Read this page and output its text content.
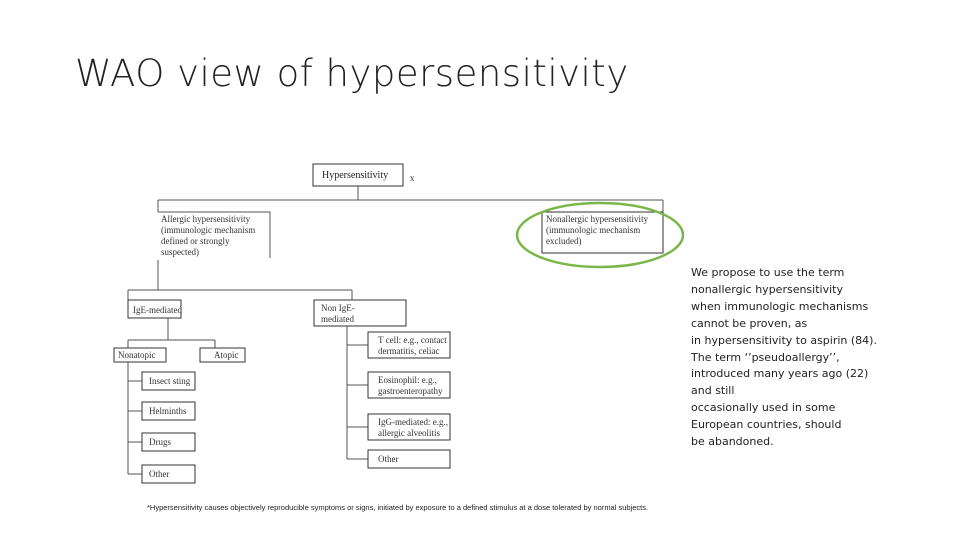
WAO view of hypersensitivity
Hypersensitivity x
Allergic hypersensitivity
(immunologic mechanism
defined or strongly
suspected)
Nonallergic hypersensitivity
(immunologic mechanism
excluded)
IgE-mediated	Non IgE-
mediated
Nonatopic	Atopic
Insect sting
Helminths
Drugs
Other
T cell: e.g., contact
dermatitis, celiac
Eosinophil: e.g.,
gastroenteropathy
IgG-mediated: e.g.,
allergic alveolitis
Other
We propose to use the term
nonallergic hypersensitivity
when immunologic mechanisms
cannot be proven, as
in hypersensitivity to aspirin (84).
The term ‘’pseudoallergy’’,
introduced many years ago (22)
and still
occasionally used in some
European countries, should
be abandoned.
*Hypersensitivity causes objectively reproducible symptoms or signs, initiated by exposure to a defined stimulus at a dose tolerated by normal subjects.
